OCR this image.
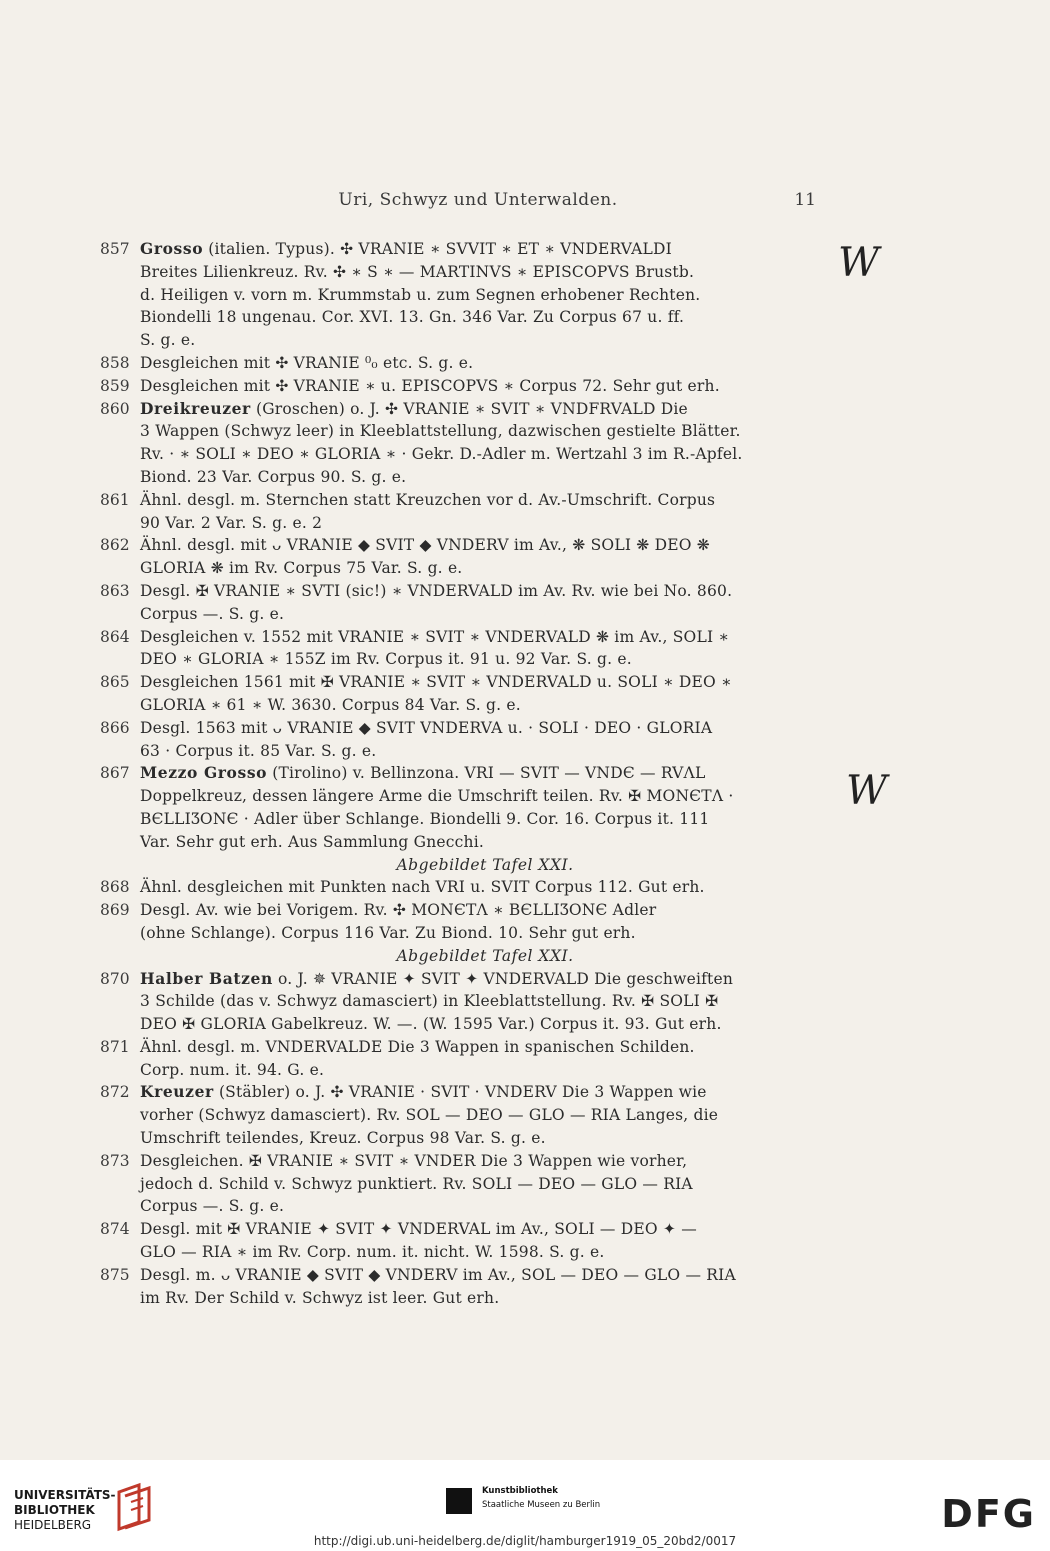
Uri, Schwyz und Unterwalden.	11
857 Grosso (italien. Typus). ✣ VRANIE ∗ SVVIT ∗ ET ∗ VNDERVALDI
Breites Lilienkreuz. Rv. ✣ ∗ S ∗ — MARTINVS ∗ EPISCOPVS Brustb.
d. Heiligen v. vorn m. Krummstab u. zum Segnen erhobener Rechten.
Biondelli 18 ungenau. Cor. XVI. 13. Gn. 346 Var. Zu Corpus 67 u. ff.
S. g. e.
858 Desgleichen mit ✣ VRANIE ⁰₀ etc. S. g. e.
859 Desgleichen mit ✣ VRANIE ∗ u. EPISCOPVS ∗ Corpus 72. Sehr gut erh.
860 Dreikreuzer (Groschen) o. J. ✣ VRANIE ∗ SVIT ∗ VNDFRVALD Die
3 Wappen (Schwyz leer) in Kleeblattstellung, dazwischen gestielte Blätter.
Rv. · ∗ SOLI ∗ DEO ∗ GLORIA ∗ · Gekr. D.-Adler m. Wertzahl 3 im R.-Apfel.
Biond. 23 Var. Corpus 90. S. g. e.
861 Ähnl. desgl. m. Sternchen statt Kreuzchen vor d. Av.-Umschrift. Corpus
90 Var. 2 Var. S. g. e. 2
862 Ähnl. desgl. mit ᴗ VRANIE ◆ SVIT ◆ VNDERV im Av., ❋ SOLI ❋ DEO ❋
GLORIA ❋ im Rv. Corpus 75 Var. S. g. e.
863 Desgl. ✠ VRANIE ∗ SVTI (sic!) ∗ VNDERVALD im Av. Rv. wie bei No. 860.
Corpus —. S. g. e.
864 Desgleichen v. 1552 mit VRANIE ∗ SVIT ∗ VNDERVALD ❋ im Av., SOLI ∗
DEO ∗ GLORIA ∗ 155Z im Rv. Corpus it. 91 u. 92 Var. S. g. e.
865 Desgleichen 1561 mit ✠ VRANIE ∗ SVIT ∗ VNDERVALD u. SOLI ∗ DEO ∗
GLORIA ∗ 61 ∗ W. 3630. Corpus 84 Var. S. g. e.
866 Desgl. 1563 mit ᴗ VRANIE ◆ SVIT VNDERVA u. · SOLI · DEO · GLORIA
63 · Corpus it. 85 Var. S. g. e.
867 Mezzo Grosso (Tirolino) v. Bellinzona. VRI — SVIT — VNDЄ — RVΛL
Doppelkreuz, dessen längere Arme die Umschrift teilen. Rv. ✠ MONЄTΛ ·
BЄLLIƷONЄ · Adler über Schlange. Biondelli 9. Cor. 16. Corpus it. 111
Var. Sehr gut erh. Aus Sammlung Gnecchi.
Abgebildet Tafel XXI.
868 Ähnl. desgleichen mit Punkten nach VRI u. SVIT Corpus 112. Gut erh.
869 Desgl. Av. wie bei Vorigem. Rv. ✣ MONЄTΛ ∗ BЄLLIƷONЄ Adler
(ohne Schlange). Corpus 116 Var. Zu Biond. 10. Sehr gut erh.
Abgebildet Tafel XXI.
870 Halber Batzen o. J. ✵ VRANIE ✦ SVIT ✦ VNDERVALD Die geschweiften
3 Schilde (das v. Schwyz damasciert) in Kleeblattstellung. Rv. ✠ SOLI ✠
DEO ✠ GLORIA Gabelkreuz. W. —. (W. 1595 Var.) Corpus it. 93. Gut erh.
871 Ähnl. desgl. m. VNDERVALDE Die 3 Wappen in spanischen Schilden.
Corp. num. it. 94. G. e.
872 Kreuzer (Stäbler) o. J. ✣ VRANIE · SVIT · VNDERV Die 3 Wappen wie
vorher (Schwyz damasciert). Rv. SOL — DEO — GLO — RIA Langes, die
Umschrift teilendes, Kreuz. Corpus 98 Var. S. g. e.
873 Desgleichen. ✠ VRANIE ∗ SVIT ∗ VNDER Die 3 Wappen wie vorher,
jedoch d. Schild v. Schwyz punktiert. Rv. SOLI — DEO — GLO — RIA
Corpus —. S. g. e.
874 Desgl. mit ✠ VRANIE ✦ SVIT ✦ VNDERVAL im Av., SOLI — DEO ✦ —
GLO — RIA ∗ im Rv. Corp. num. it. nicht. W. 1598. S. g. e.
875 Desgl. m. ᴗ VRANIE ◆ SVIT ◆ VNDERV im Av., SOL — DEO — GLO — RIA
im Rv. Der Schild v. Schwyz ist leer. Gut erh.
W
W
UNIVERSITÄTS-
BIBLIOTHEK
HEIDELBERG
Kunstbibliothek
Staatliche Museen zu Berlin	DFG
http://digi.ub.uni-heidelberg.de/diglit/hamburger1919_05_20bd2/0017
